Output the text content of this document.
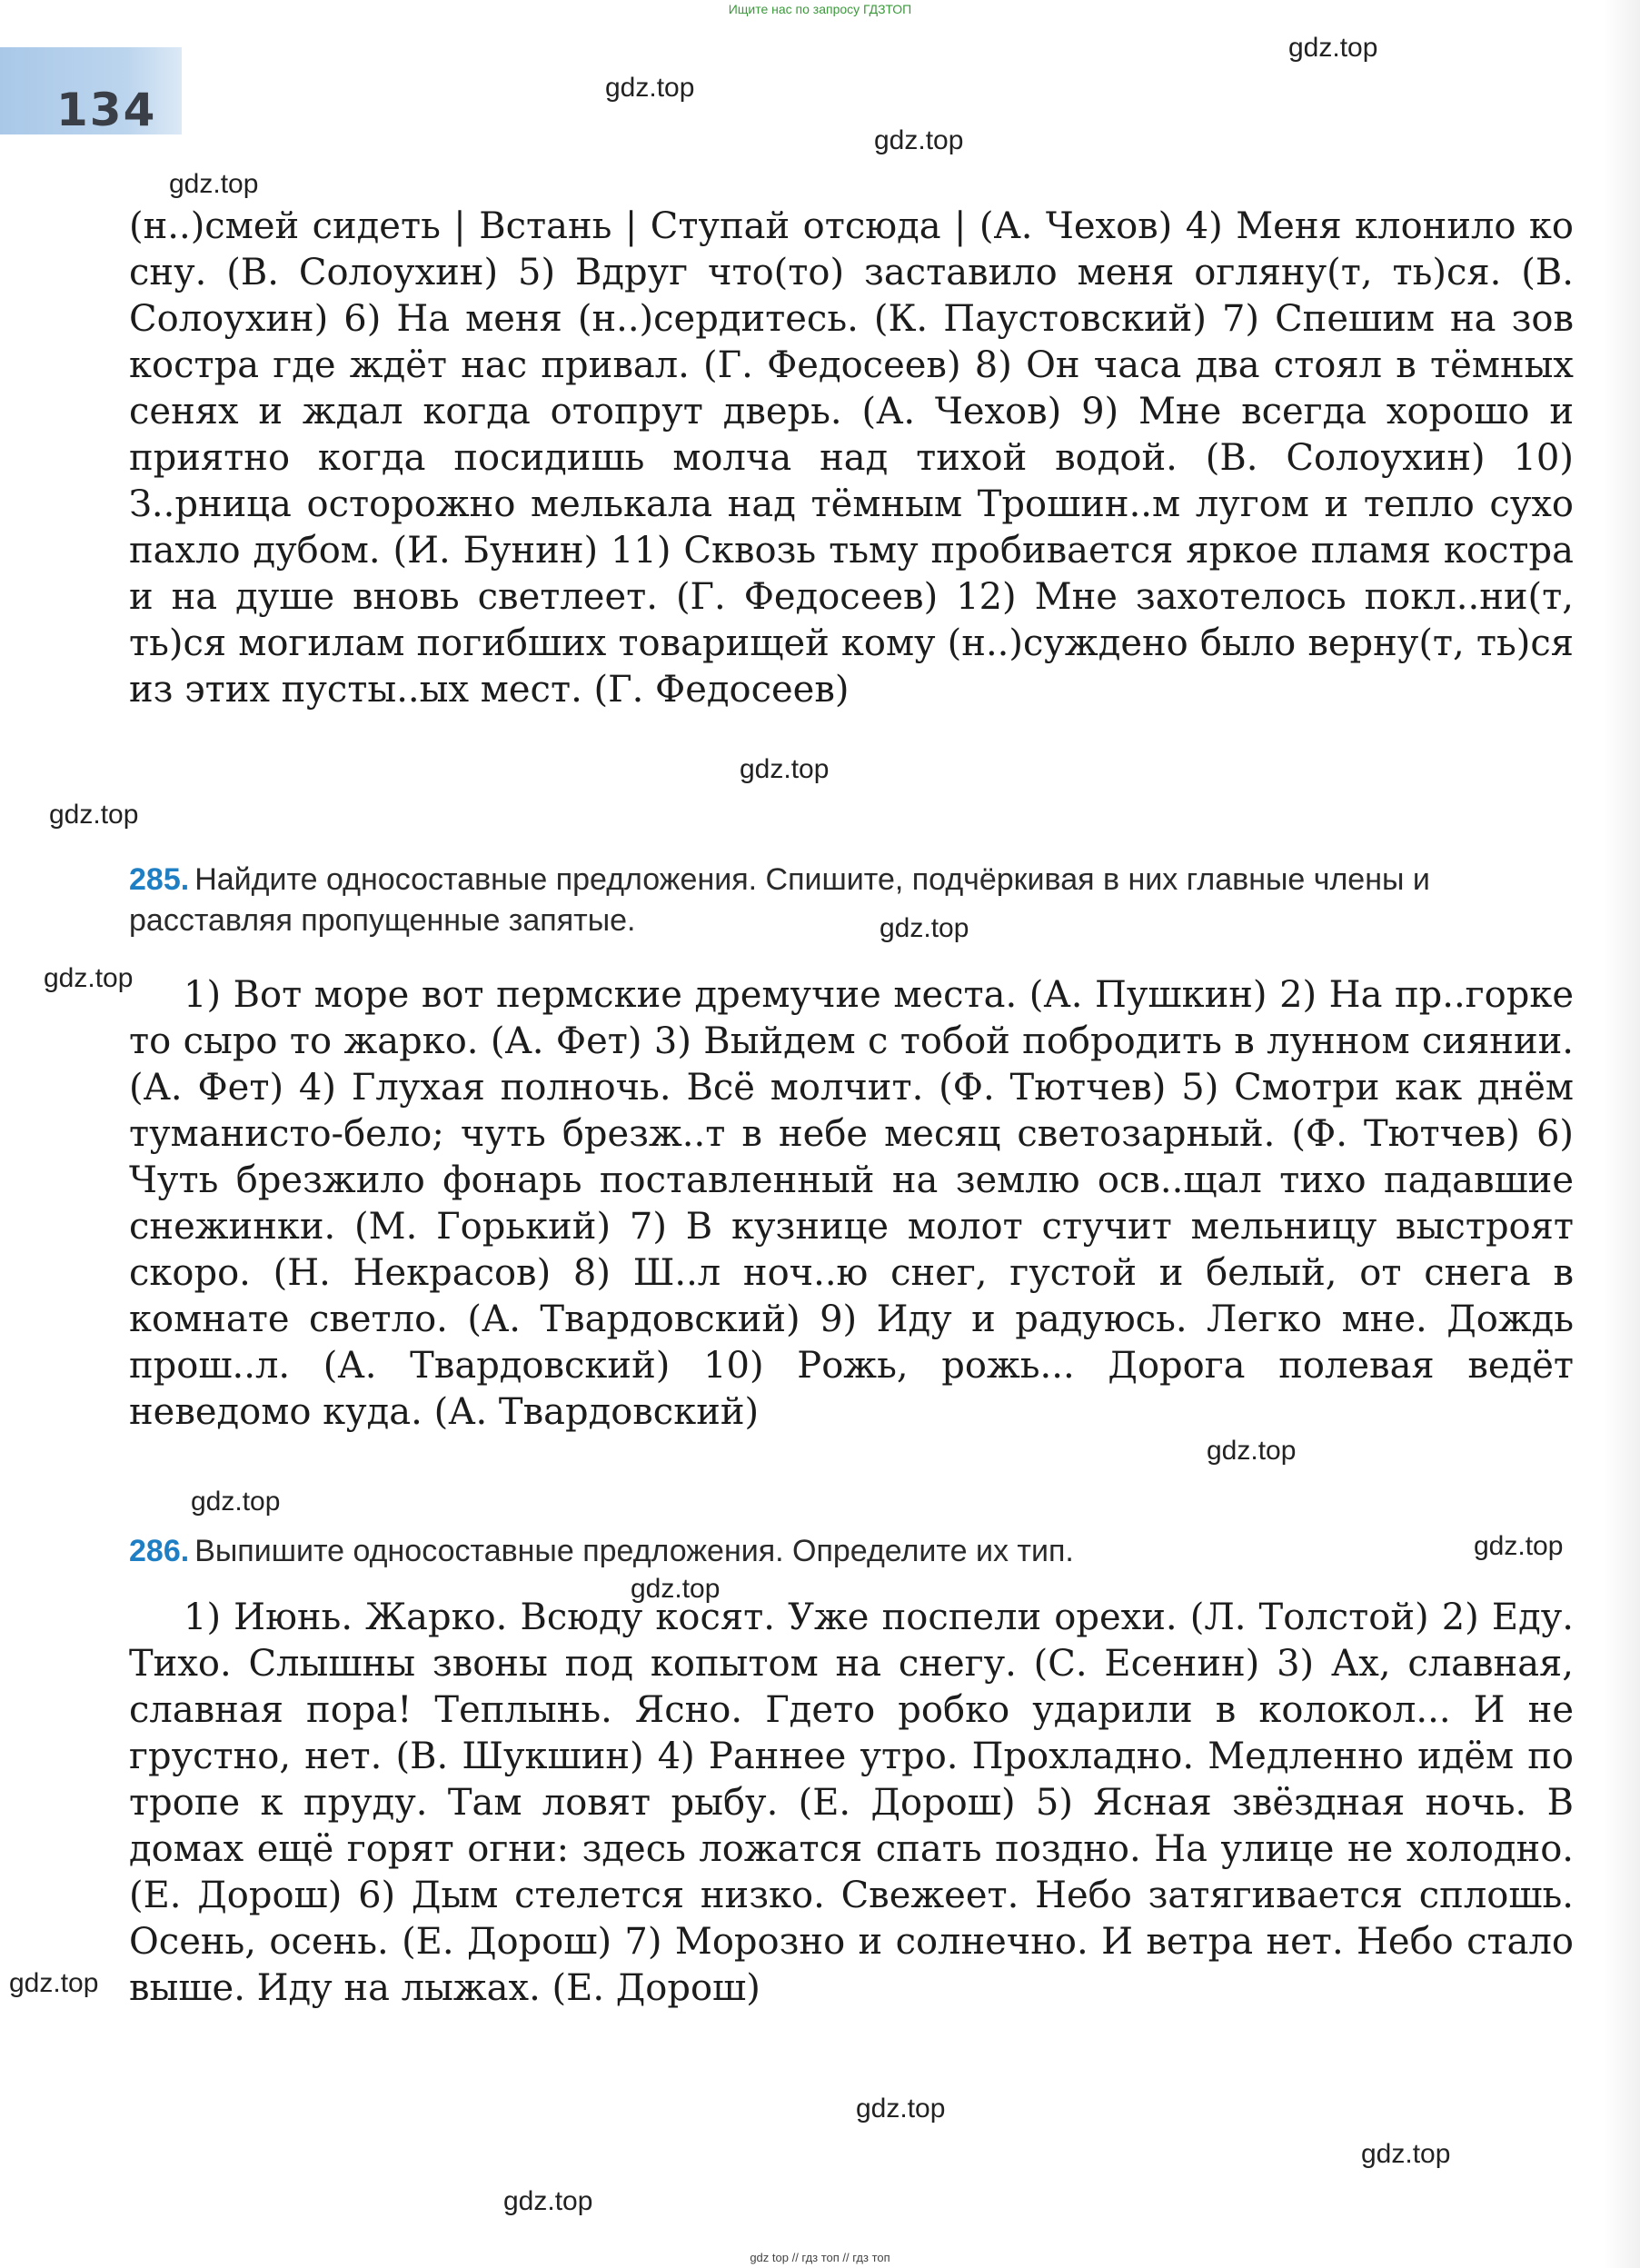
Ищите нас по запросу ГДЗТОП
134

(н..)смей сидеть | Встань | Ступай отсюда | (А. Чехов) 4) Меня клонило ко сну. (В. Солоухин) 5) Вдруг что(то) заставило меня огляну(т, ть)ся. (В. Солоухин) 6) На меня (н..)сердитесь. (К. Паустовский) 7) Спешим на зов костра где ждёт нас привал. (Г. Федосеев) 8) Он часа два стоял в тёмных сенях и ждал когда отопрут дверь. (А. Чехов) 9) Мне всегда хорошо и приятно когда посидишь молча над тихой водой. (В. Солоухин) 10) З..рница осторожно мелькала над тёмным Трошин..м лугом и тепло сухо пахло дубом. (И. Бунин) 11) Сквозь тьму пробивается яркое пламя костра и на душе вновь светлеет. (Г. Федосеев) 12) Мне захотелось покл..ни(т, ть)ся могилам погибших товарищей кому (н..)суждено было верну(т, ть)ся из этих пусты..ых мест. (Г. Федосеев)

285. Найдите односоставные предложения. Спишите, подчёркивая в них главные члены и расставляя пропущенные запятые.

1) Вот море вот пермские дремучие места. (А. Пушкин) 2) На пр..горке то сыро то жарко. (А. Фет) 3) Выйдем с тобой побродить в лунном сиянии. (А. Фет) 4) Глухая полночь. Всё молчит. (Ф. Тютчев) 5) Смотри как днём туманисто-бело; чуть брезж..т в небе месяц светозарный. (Ф. Тютчев) 6) Чуть брезжило фонарь поставленный на землю осв..щал тихо падавшие снежинки. (М. Горький) 7) В кузнице молот стучит мельницу выстроят скоро. (Н. Некрасов) 8) Ш..л ноч..ю снег, густой и белый, от снега в комнате светло. (А. Твардовский) 9) Иду и радуюсь. Легко мне. Дождь прош..л. (А. Твардовский) 10) Рожь, рожь... Дорога полевая ведёт неведомо куда. (А. Твардовский)

286. Выпишите односоставные предложения. Определите их тип.

1) Июнь. Жарко. Всюду косят. Уже поспели орехи. (Л. Толстой) 2) Еду. Тихо. Слышны звоны под копытом на снегу. (С. Есенин) 3) Ах, славная, славная пора! Теплынь. Ясно. Гдето робко ударили в колокол... И не грустно, нет. (В. Шукшин) 4) Раннее утро. Прохладно. Медленно идём по тропе к пруду. Там ловят рыбу. (Е. Дорош) 5) Ясная звёздная ночь. В домах ещё горят огни: здесь ложатся спать поздно. На улице не холодно. (Е. Дорош) 6) Дым стелется низко. Свежеет. Небо затягивается сплошь. Осень, осень. (Е. Дорош) 7) Морозно и солнечно. И ветра нет. Небо стало выше. Иду на лыжах. (Е. Дорош)

gdz.top
gdz.top
gdz.top
gdz.top
gdz.top
gdz.top
gdz.top
gdz.top
gdz.top
gdz.top
gdz.top
gdz.top
gdz.top
gdz.top
gdz.top
gdz.top
gdz top // гдз топ // гдз топ
